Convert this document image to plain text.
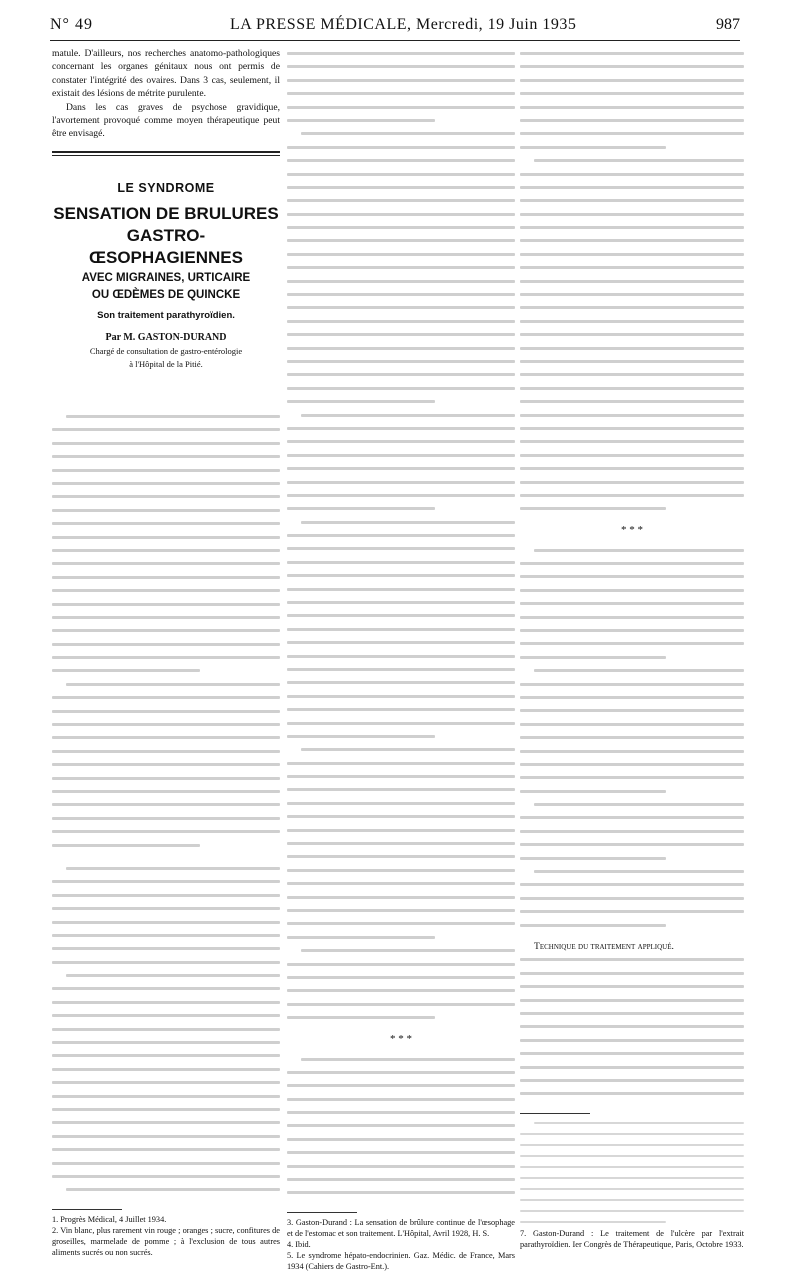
N° 49	LA PRESSE MÉDICALE, Mercredi, 19 Juin 1935	987

matule. D'ailleurs, nos recherches anatomo-pathologiques concernant les organes génitaux nous ont permis de constater l'intégrité des ovaires. Dans 3 cas, seulement, il existait des lésions de métrite purulente.

Dans les cas graves de psychose gravidique, l'avortement provoqué comme moyen thérapeutique peut être envisagé.

LE SYNDROME
SENSATION DE BRULURES
GASTRO-ŒSOPHAGIENNES
AVEC MIGRAINES, URTICAIRE
OU ŒDÈMES DE QUINCKE
Son traitement parathyroïdien.
Par M. GASTON-DURAND
Chargé de consultation de gastro-entérologie
à l'Hôpital de la Pitié.

1. Progrès Médical, 4 Juillet 1934.

2. Vin blanc, plus rarement vin rouge ; oranges ; sucre, confitures de groseilles, marmelade de pomme ; à l'exclusion de tous autres aliments sucrés ou non sucrés.

* * *

3. Gaston-Durand : La sensation de brûlure continue de l'œsophage et de l'estomac et son traitement. L'Hôpital, Avril 1928, H. S.

4. Ibid.

5. Le syndrome hépato-endocrinien. Gaz. Médic. de France, Mars 1934 (Cahiers de Gastro-Ent.).

* * *

Technique du traitement appliqué.

7. Gaston-Durand : Le traitement de l'ulcère par l'extrait parathyroïdien. Ier Congrès de Thérapeutique, Paris, Octobre 1933.
